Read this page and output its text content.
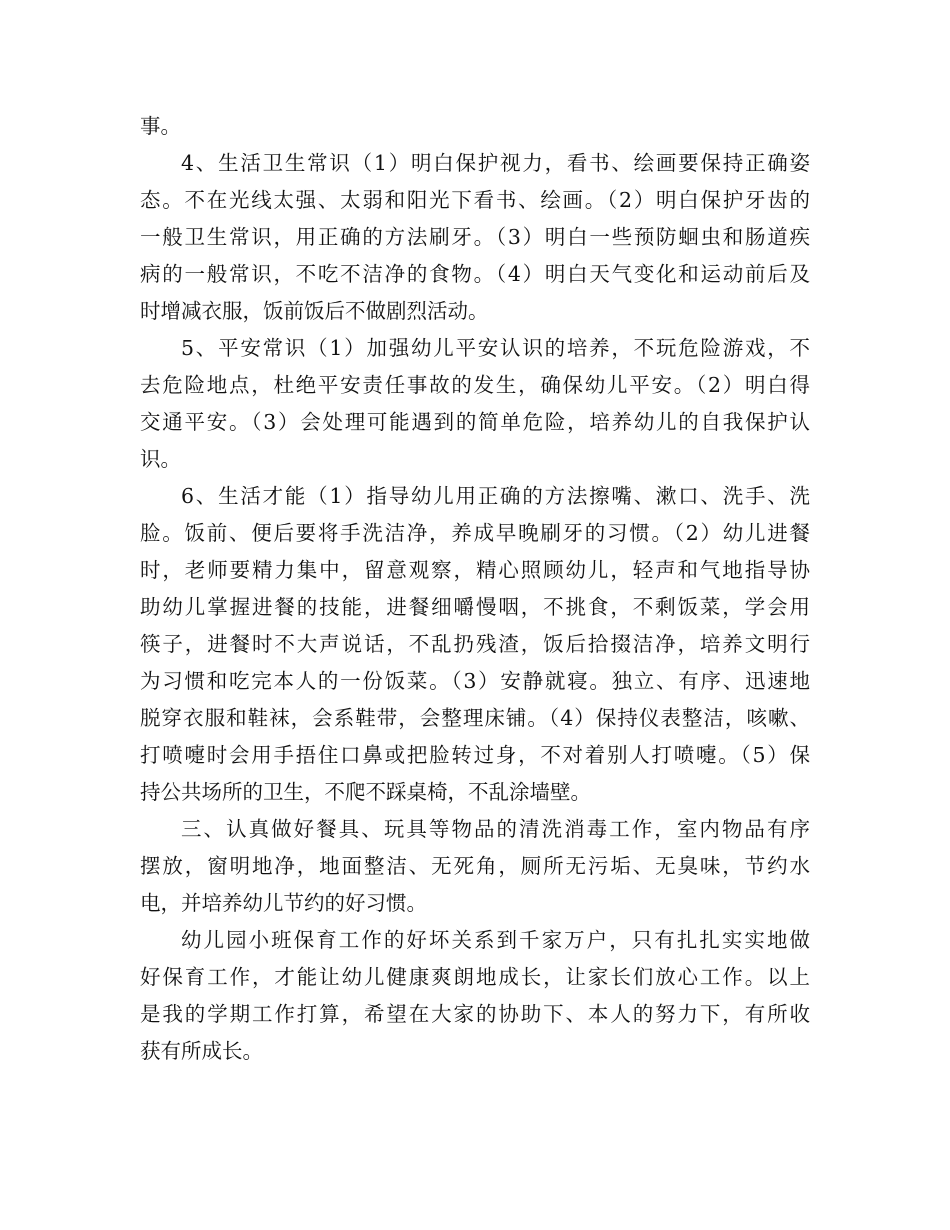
事。
4、生活卫生常识（1）明白保护视力，看书、绘画要保持正确姿
态。不在光线太强、太弱和阳光下看书、绘画。（2）明白保护牙齿的
一般卫生常识，用正确的方法刷牙。（3）明白一些预防蛔虫和肠道疾
病的一般常识，不吃不洁净的食物。（4）明白天气变化和运动前后及
时增减衣服，饭前饭后不做剧烈活动。
5、平安常识（1）加强幼儿平安认识的培养，不玩危险游戏，不
去危险地点，杜绝平安责任事故的发生，确保幼儿平安。（2）明白得
交通平安。（3）会处理可能遇到的简单危险，培养幼儿的自我保护认
识。
6、生活才能（1）指导幼儿用正确的方法擦嘴、漱口、洗手、洗
脸。饭前、便后要将手洗洁净，养成早晚刷牙的习惯。（2）幼儿进餐
时，老师要精力集中，留意观察，精心照顾幼儿，轻声和气地指导协
助幼儿掌握进餐的技能，进餐细嚼慢咽，不挑食，不剩饭菜，学会用
筷子，进餐时不大声说话，不乱扔残渣，饭后拾掇洁净，培养文明行
为习惯和吃完本人的一份饭菜。（3）安静就寝。独立、有序、迅速地
脱穿衣服和鞋袜，会系鞋带，会整理床铺。（4）保持仪表整洁，咳嗽、
打喷嚏时会用手捂住口鼻或把脸转过身，不对着别人打喷嚏。（5）保
持公共场所的卫生，不爬不踩桌椅，不乱涂墙壁。
三、认真做好餐具、玩具等物品的清洗消毒工作，室内物品有序
摆放，窗明地净，地面整洁、无死角，厕所无污垢、无臭味，节约水
电，并培养幼儿节约的好习惯。
幼儿园小班保育工作的好坏关系到千家万户，只有扎扎实实地做
好保育工作，才能让幼儿健康爽朗地成长，让家长们放心工作。以上
是我的学期工作打算，希望在大家的协助下、本人的努力下，有所收
获有所成长。
